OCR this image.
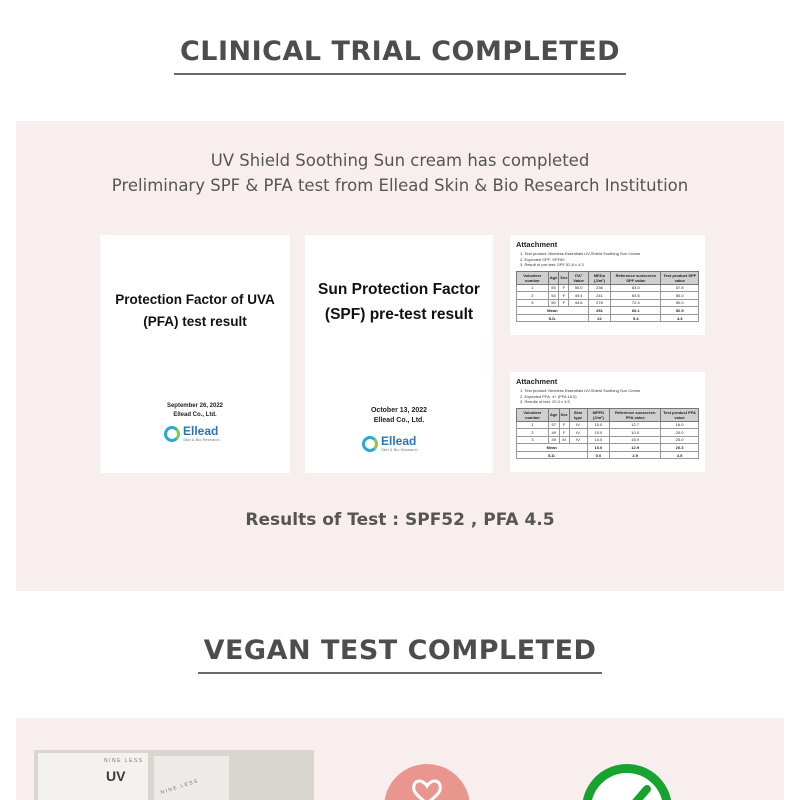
CLINICAL TRIAL COMPLETED
UV Shield Soothing Sun cream has completed
Preliminary SPF & PFA test from Ellead Skin & Bio Research Institution
Protection Factor of UVA
(PFA) test result
September 26, 2022
Ellead Co., Ltd.
Ellead
Skin & Bio Research
Sun Protection Factor
(SPF) pre-test result
October 13, 2022
Ellead Co., Ltd.
Ellead
Skin & Bio Research
Attachment
1. Test product: Nineless Essentials UV-Shield Soothing Sun Cream
2. Expected SPF: SPF50
3. Result of pre-test: SPF 52.8 ± 4.3
Volunteer number	Age	Sex	ITA° Value	MEDu (J/m²)	Reference sunscreen SPF value	Test product SPF value
1	55	F	50.0	236	63.0	57.5
2	54	F	49.4	241	63.6	50.0
3	50	F	44.6	276	72.4	50.0
Mean				251	66.1	52.5
S.D.				22	5.4	4.3
Attachment
1. Test product: Nineless Essentials UV-Shield Soothing Sun Cream
2. Expected PFA: 4+ (PFA 16.0)
3. Results of test: 20.3 ± 4.5
Volunteer number	Age	Sex	Skin type	MPPD (J/m²)	Reference sunscreen PFA value	Test product PFA value
1	57	F	IV	10.0	12.7	16.0
2	49	F	IV	10.0	10.0	20.0
3	49	M	IV	10.0	15.9	25.0
Mean				10.0	12.9	20.3
S.D.				0.0	2.9	4.5
Results of Test : SPF52 , PFA 4.5
VEGAN TEST COMPLETED
NINE LESS
UV
NINE LESS
